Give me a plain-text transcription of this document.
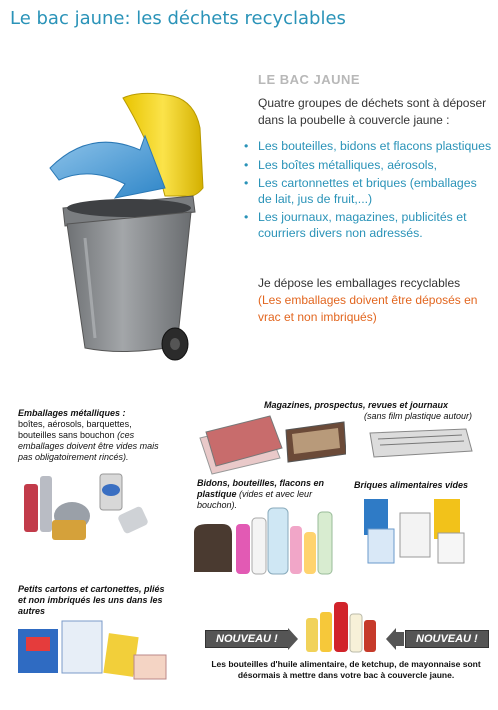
Le bac jaune: les déchets recyclables
LE BAC JAUNE
Quatre groupes de déchets sont à déposer dans la poubelle à couvercle jaune :
• Les bouteilles, bidons et flacons plastiques
• Les boîtes métalliques, aérosols,
• Les cartonnettes et briques (emballages de lait, jus de fruit,...)
• Les journaux, magazines, publicités et courriers divers non adressés.
Je dépose les emballages recyclables
(Les emballages doivent être déposés en vrac et non imbriqués)
Emballages métalliques :
boîtes, aérosols, barquettes, bouteilles sans bouchon (ces emballages doivent être vides mais pas obligatoirement rincés).
Magazines, prospectus, revues et journaux
(sans film plastique autour)
Bidons, bouteilles, flacons en plastique (vides et avec leur bouchon).
Briques alimentaires vides
Petits cartons et cartonettes, pliés et non imbriqués les uns dans les autres
NOUVEAU !	NOUVEAU !
Les bouteilles d'huile alimentaire, de ketchup, de mayonnaise sont désormais à mettre dans votre bac à couvercle jaune.
